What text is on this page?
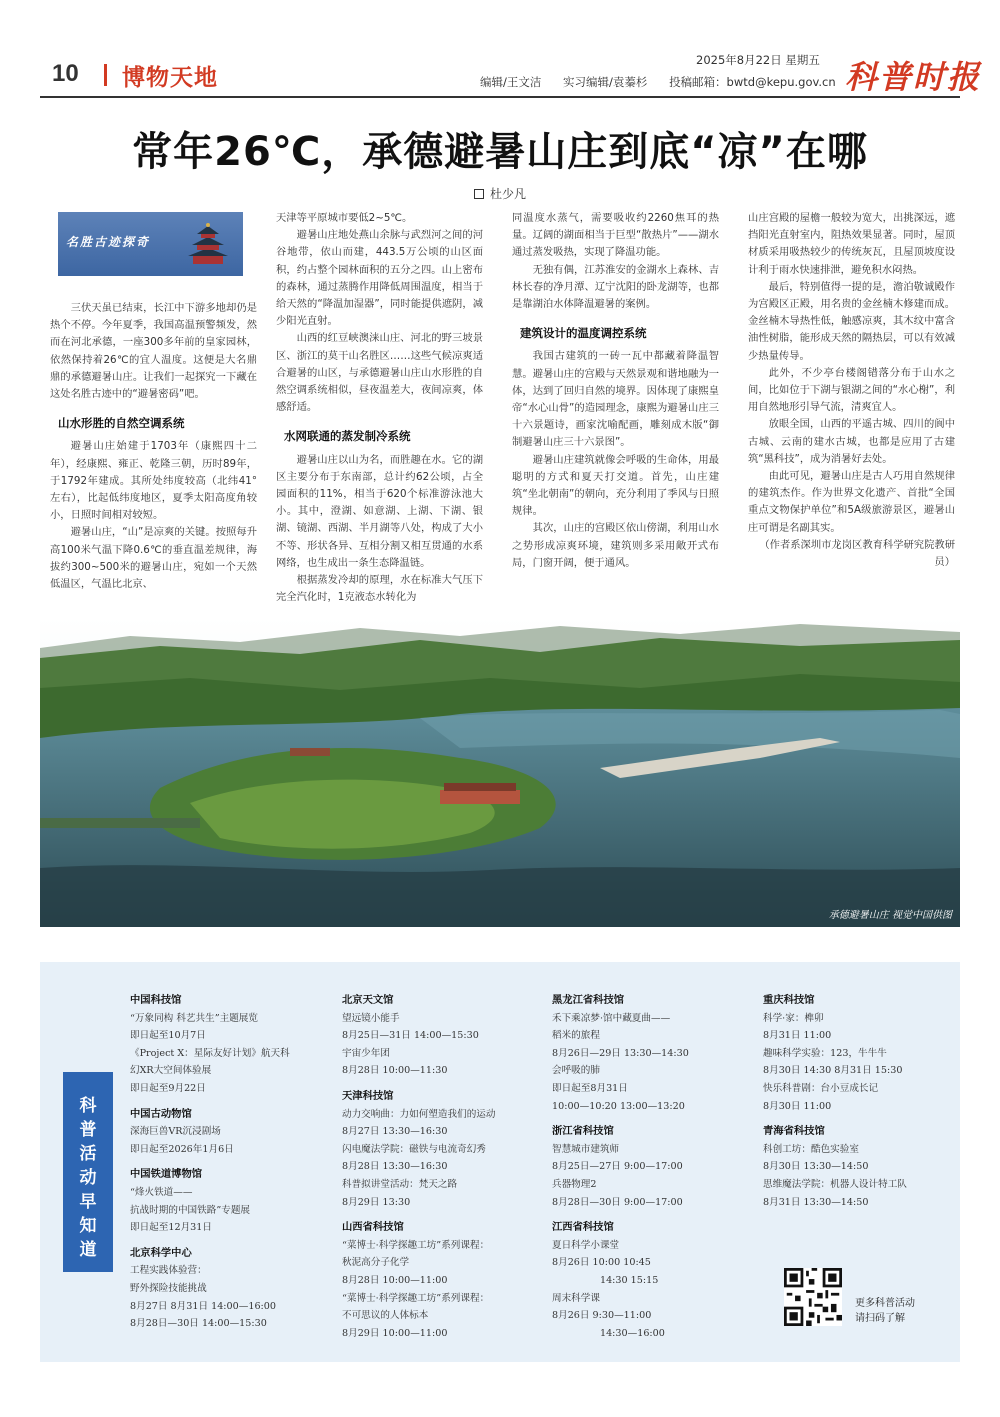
10 博物天地
2025年8月22日 星期五
编辑/王文洁 实习编辑/袁蓁杉 投稿邮箱：bwtd@kepu.gov.cn 科普时报
常年26℃，承德避暑山庄到底“凉”在哪
杜少凡
名胜古迹探奇

三伏天虽已结束，长江中下游多地却仍是热个不停。今年夏季，我国高温预警频发，然而在河北承德，一座300多年前的皇家园林，依然保持着26℃的宜人温度。这便是大名鼎鼎的承德避暑山庄。让我们一起探究一下藏在这处名胜古迹中的“避暑密码”吧。

山水形胜的自然空调系统

避暑山庄始建于1703年（康熙四十二年），经康熙、雍正、乾隆三朝，历时89年，于1792年建成。其所处纬度较高（北纬41° 左右），比起低纬度地区，夏季太阳高度角较小，日照时间相对较短。

避暑山庄，“山”是凉爽的关键。按照每升高100米气温下降0.6℃的垂直温差规律，海拔约300~500米的避暑山庄，宛如一个天然低温区，气温比北京、

天津等平原城市要低2~5℃。

避暑山庄地处燕山余脉与武烈河之间的河谷地带，依山而建，443.5万公顷的山区面积，约占整个园林面积的五分之四。山上密布的森林，通过蒸腾作用降低周围温度，相当于给天然的“降温加湿器”，同时能提供遮阴，减少阳光直射。

山西的红豆峡澳涞山庄、河北的野三坡景区、浙江的莫干山名胜区……这些气候凉爽适合避暑的山区，与承德避暑山庄山水形胜的自然空调系统相似，昼夜温差大，夜间凉爽，体感舒适。

水网联通的蒸发制冷系统

避暑山庄以山为名，而胜趣在水。它的湖区主要分布于东南部，总计约62公顷，占全园面积的11%，相当于620个标准游泳池大小。其中，澄湖、如意湖、上湖、下湖、银湖、镜湖、西湖、半月湖等八处，构成了大小不等、形状各异、互相分割又相互贯通的水系网络，也生成出一条生态降温链。

根据蒸发冷却的原理，水在标准大气压下完全汽化时，1克液态水转化为

同温度水蒸气，需要吸收约2260焦耳的热量。辽阔的湖面相当于巨型“散热片”——湖水通过蒸发吸热，实现了降温功能。

无独有偶，江苏淮安的金湖水上森林、吉林长春的净月潭、辽宁沈阳的卧龙湖等，也都是靠湖泊水体降温避暑的案例。

建筑设计的温度调控系统

我国古建筑的一砖一瓦中都藏着降温智慧。避暑山庄的宫殿与天然景观和谐地融为一体，达到了回归自然的境界。因体现了康熙皇帝“水心山骨”的造园理念，康熙为避暑山庄三十六景题诗，画家沈喻配画，雕刻成木版“御制避暑山庄三十六景图”。

避暑山庄建筑就像会呼吸的生命体，用最聪明的方式和夏天打交道。首先，山庄建筑“坐北朝南”的朝向，充分利用了季风与日照规律。

其次，山庄的宫殿区依山傍湖，利用山水之势形成凉爽环境，建筑则多采用敞开式布局，门窗开阔，便于通风。

山庄宫殿的屋檐一般较为宽大，出挑深远，遮挡阳光直射室内，阻热效果显著。同时，屋顶材质采用吸热较少的传统灰瓦，且屋顶坡度设计利于雨水快速排泄，避免积水闷热。

最后，特别值得一提的是，澹泊敬诚殿作为宫殿区正殿，用名贵的金丝楠木修建而成。金丝楠木导热性低，触感凉爽，其木纹中富含油性树脂，能形成天然的隔热层，可以有效减少热量传导。

此外，不少亭台楼阁错落分布于山水之间，比如位于下湖与银湖之间的“水心榭”，利用自然地形引导气流，清爽宜人。

放眼全国，山西的平遥古城、四川的阆中古城、云南的建水古城，也都是应用了古建筑“黑科技”，成为消暑好去处。

由此可见，避暑山庄是古人巧用自然规律的建筑杰作。作为世界文化遗产、首批“全国重点文物保护单位”和5A级旅游景区，避暑山庄可谓是名副其实。

（作者系深圳市龙岗区教育科学研究院教研员）

承德避暑山庄 视觉中国供图
科
普
活
动
早
知
道
中国科技馆
“万象同构 科艺共生”主题展览
即日起至10月7日
《Project X：星际友好计划》航天科
幻XR大空间体验展
即日起至9月22日
中国古动物馆
深海巨兽VR沉浸剧场
即日起至2026年1月6日
中国铁道博物馆
“烽火铁道——
抗战时期的中国铁路”专题展
即日起至12月31日
北京科学中心
工程实践体验营：
野外探险技能挑战
8月27日 8月31日 14:00—16:00
8月28日—30日 14:00—15:30
北京天文馆
望远镜小能手
8月25日—31日 14:00—15:30
宇宙少年团
8月28日 10:00—11:30
天津科技馆
动力交响曲：力如何塑造我们的运动
8月27日 13:30—16:30
闪电魔法学院：磁铁与电流奇幻秀
8月28日 13:30—16:30
科普拟讲堂活动：梵天之路
8月29日 13:30
山西省科技馆
“菜博士·科学探趣工坊”系列课程：
秋泥高分子化学
8月28日 10:00—11:00
“菜博士·科学探趣工坊”系列课程：
不可思议的人体标本
8月29日 10:00—11:00
黑龙江省科技馆
禾下乘凉梦·馆中藏夏曲——
稻米的旅程
8月26日—29日 13:30—14:30
会呼吸的肺
即日起至8月31日
10:00—10:20 13:00—13:20
浙江省科技馆
智慧城市建筑师
8月25日—27日 9:00—17:00
兵器物理2
8月28日—30日 9:00—17:00
江西省科技馆
夏日科学小课堂
8月26日 10:00 10:45
　　　　　14:30 15:15
周末科学课
8月26日 9:30—11:00
　　　　　14:30—16:00
重庆科技馆
科学·家：榫卯
8月31日 11:00
趣味科学实验：123，牛牛牛
8月30日 14:30 8月31日 15:30
快乐科普剧：台小豆成长记
8月30日 11:00
青海省科技馆
科创工坊：酷色实验室
8月30日 13:30—14:50
思维魔法学院：机器人设计特工队
8月31日 13:30—14:50
更多科普活动
请扫码了解
